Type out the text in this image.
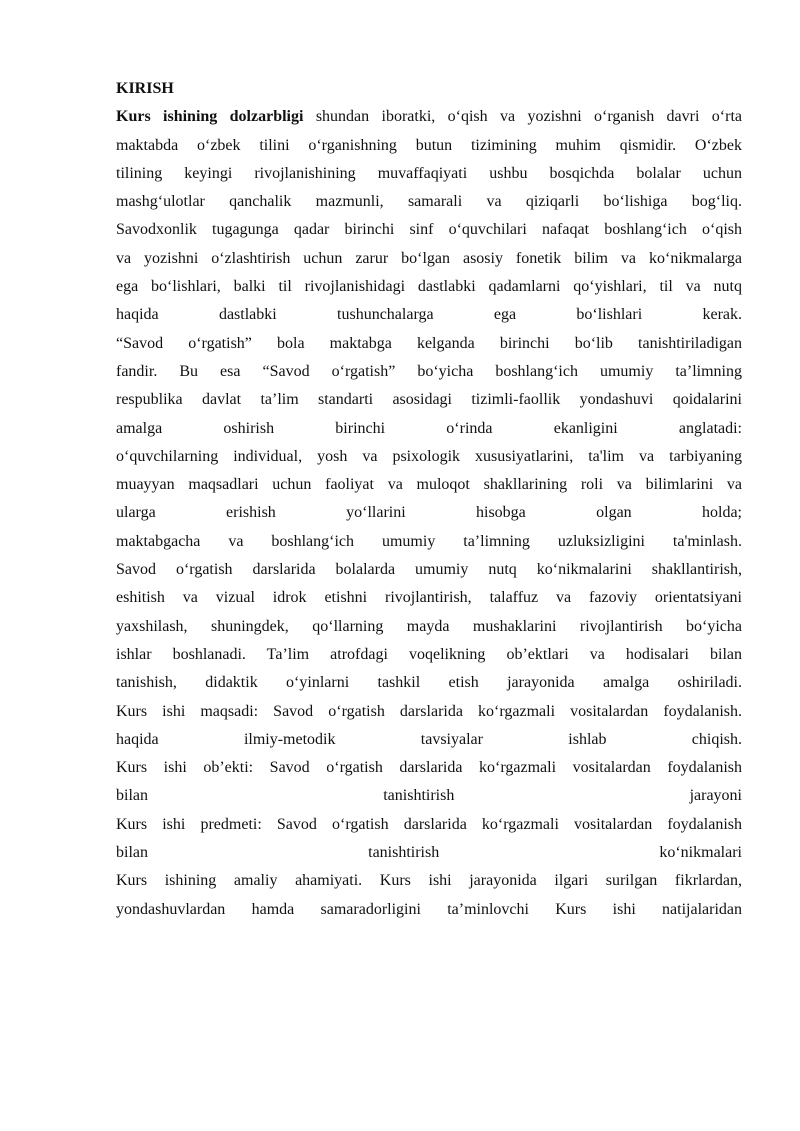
KIRISH
Kurs ishining dolzarbligi shundan iboratki, o‘qish va yozishni o‘rganish davri o‘rta
maktabda o‘zbek tilini o‘rganishning butun tizimining muhim qismidir. O‘zbek
tilining keyingi rivojlanishining muvaffaqiyati ushbu bosqichda bolalar uchun
mashg‘ulotlar qanchalik mazmunli, samarali va qiziqarli bo‘lishiga bog‘liq.
Savodxonlik tugagunga qadar birinchi sinf o‘quvchilari nafaqat boshlang‘ich o‘qish
va yozishni o‘zlashtirish uchun zarur bo‘lgan asosiy fonetik bilim va ko‘nikmalarga
ega bo‘lishlari, balki til rivojlanishidagi dastlabki qadamlarni qo‘yishlari, til va nutq
haqida dastlabki tushunchalarga ega bo‘lishlari kerak.
“Savod o‘rgatish” bola maktabga kelganda birinchi bo‘lib tanishtiriladigan
fandir. Bu esa “Savod o‘rgatish” bo‘yicha boshlang‘ich umumiy ta’limning
respublika davlat ta’lim standarti asosidagi tizimli-faollik yondashuvi qoidalarini
amalga oshirish birinchi o‘rinda ekanligini anglatadi:
o‘quvchilarning individual, yosh va psixologik xususiyatlarini, ta'lim va tarbiyaning
muayyan maqsadlari uchun faoliyat va muloqot shakllarining roli va bilimlarini va
ularga erishish yo‘llarini hisobga olgan holda;
maktabgacha va boshlang‘ich umumiy ta’limning uzluksizligini ta'minlash.
Savod o‘rgatish darslarida bolalarda umumiy nutq ko‘nikmalarini shakllantirish,
eshitish va vizual idrok etishni rivojlantirish, talaffuz va fazoviy orientatsiyani
yaxshilash, shuningdek, qo‘llarning mayda mushaklarini rivojlantirish bo‘yicha
ishlar boshlanadi. Ta’lim atrofdagi voqelikning ob’ektlari va hodisalari bilan
tanishish, didaktik o‘yinlarni tashkil etish jarayonida amalga oshiriladi.
Kurs ishi maqsadi: Savod o‘rgatish darslarida ko‘rgazmali vositalardan foydalanish.
haqida ilmiy-metodik tavsiyalar ishlab chiqish.
Kurs ishi ob’ekti: Savod o‘rgatish darslarida ko‘rgazmali vositalardan foydalanish
bilan tanishtirish jarayoni
Kurs ishi predmeti: Savod o‘rgatish darslarida ko‘rgazmali vositalardan foydalanish
bilan tanishtirish ko‘nikmalari
Kurs ishining amaliy ahamiyati. Kurs ishi jarayonida ilgari surilgan fikrlardan,
yondashuvlardan hamda samaradorligini ta’minlovchi Kurs ishi natijalaridan
